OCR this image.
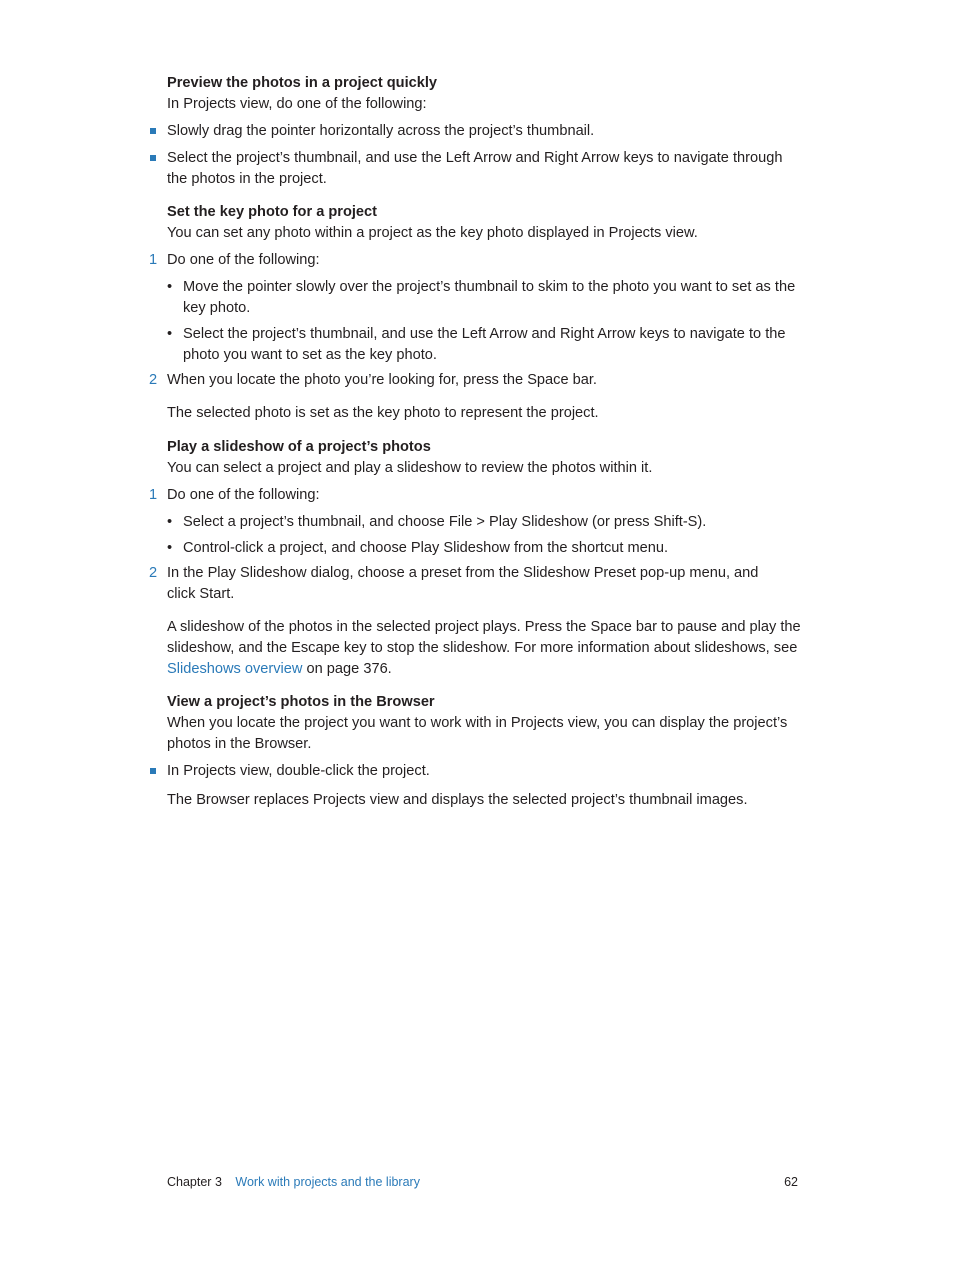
Preview the photos in a project quickly

In Projects view, do one of the following:

Slowly drag the pointer horizontally across the project’s thumbnail.

Select the project’s thumbnail, and use the Left Arrow and Right Arrow keys to navigate through the photos in the project.

Set the key photo for a project

You can set any photo within a project as the key photo displayed in Projects view.

1 Do one of the following:

• Move the pointer slowly over the project’s thumbnail to skim to the photo you want to set as the key photo.

• Select the project’s thumbnail, and use the Left Arrow and Right Arrow keys to navigate to the photo you want to set as the key photo.

2 When you locate the photo you’re looking for, press the Space bar.

The selected photo is set as the key photo to represent the project.

Play a slideshow of a project’s photos

You can select a project and play a slideshow to review the photos within it.

1 Do one of the following:

• Select a project’s thumbnail, and choose File > Play Slideshow (or press Shift-S).

• Control-click a project, and choose Play Slideshow from the shortcut menu.

2 In the Play Slideshow dialog, choose a preset from the Slideshow Preset pop-up menu, and click Start.

A slideshow of the photos in the selected project plays. Press the Space bar to pause and play the slideshow, and the Escape key to stop the slideshow. For more information about slideshows, see Slideshows overview on page 376.

View a project’s photos in the Browser

When you locate the project you want to work with in Projects view, you can display the project’s photos in the Browser.

In Projects view, double-click the project.

The Browser replaces Projects view and displays the selected project’s thumbnail images.

Chapter 3 Work with projects and the library	62
